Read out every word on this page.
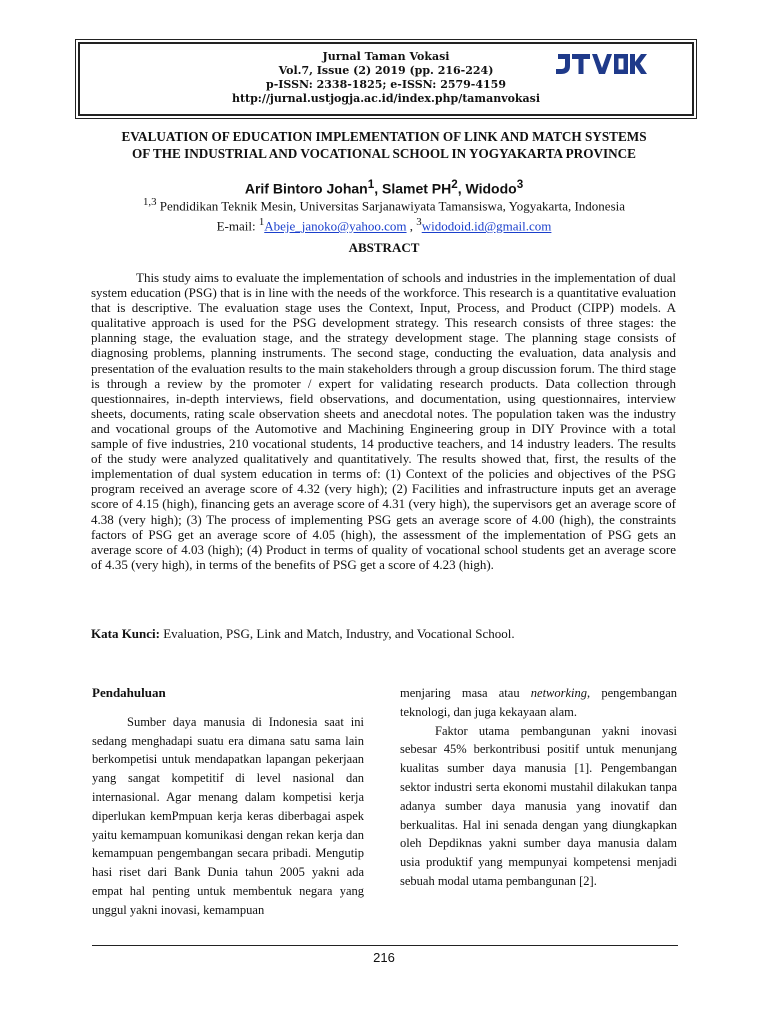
Jurnal Taman Vokasi
Vol.7, Issue (2) 2019 (pp. 216-224)
p-ISSN: 2338-1825; e-ISSN: 2579-4159
http://jurnal.ustjogja.ac.id/index.php/tamanvokasi
EVALUATION OF EDUCATION IMPLEMENTATION OF LINK AND MATCH SYSTEMS
OF THE INDUSTRIAL AND VOCATIONAL SCHOOL IN YOGYAKARTA PROVINCE
Arif Bintoro Johan$^1$, Slamet $PH^2$, Widodo$^3$
$^{1,3}$ Pendidikan Teknik Mesin, Universitas Sarjanawiyata Tamansiswa, Yogyakarta, Indonesia
E-mail: $^1$Abeje_janoko@yahoo.com , $^3$widodoid.id@gmail.com
ABSTRACT

This study aims to evaluate the implementation of schools and industries in the implementation of dual system education (PSG) that is in line with the needs of the workforce. This research is a quantitative evaluation that is descriptive. The evaluation stage uses the Context, Input, Process, and Product (CIPP) models. A qualitative approach is used for the PSG development strategy. This research consists of three stages: the planning stage, the evaluation stage, and the strategy development stage. The planning stage consists of diagnosing problems, planning instruments. The second stage, conducting the evaluation, data analysis and presentation of the evaluation results to the main stakeholders through a group discussion forum. The third stage is through a review by the promoter / expert for validating research products. Data collection through questionnaires, in-depth interviews, field observations, and documentation, using questionnaires, interview sheets, documents, rating scale observation sheets and anecdotal notes. The population taken was the industry and vocational groups of the Automotive and Machining Engineering group in DIY Province with a total sample of five industries, 210 vocational students, 14 productive teachers, and 14 industry leaders. The results of the study were analyzed qualitatively and quantitatively. The results showed that, first, the results of the implementation of dual system education in terms of: (1) Context of the policies and objectives of the PSG program received an average score of 4.32 (very high); (2) Facilities and infrastructure inputs get an average score of 4.15 (high), financing gets an average score of 4.31 (very high), the supervisors get an average score of 4.38 (very high); (3) The process of implementing PSG gets an average score of 4.00 (high), the constraints factors of PSG get an average score of 4.05 (high), the assessment of the implementation of PSG gets an average score of 4.03 (high); (4) Product in terms of quality of vocational school students get an average score of 4.35 (very high), in terms of the benefits of PSG get a score of 4.23 (high).

Kata Kunci: Evaluation, PSG, Link and Match, Industry, and Vocational School.

Pendahuluan

Sumber daya manusia di Indonesia saat ini sedang menghadapi suatu era dimana satu sama lain berkompetisi untuk mendapatkan lapangan pekerjaan yang sangat kompetitif di level nasional dan internasional. Agar menang dalam kompetisi kerja diperlukan kemPmpuan kerja keras diberbagai aspek yaitu kemampuan komunikasi dengan rekan kerja dan kemampuan pengembangan secara pribadi. Mengutip hasi riset dari Bank Dunia tahun 2005 yakni ada empat hal penting untuk membentuk negara yang unggul yakni inovasi, kemampuan

menjaring masa atau networking, pengembangan teknologi, dan juga kekayaan alam.

Faktor utama pembangunan yakni inovasi sebesar 45% berkontribusi positif untuk menunjang kualitas sumber daya manusia [1]. Pengembangan sektor industri serta ekonomi mustahil dilakukan tanpa adanya sumber daya manusia yang inovatif dan berkualitas. Hal ini senada dengan yang diungkapkan oleh Depdiknas yakni sumber daya manusia dalam usia produktif yang mempunyai kompetensi menjadi sebuah modal utama pembangunan [2].

216
